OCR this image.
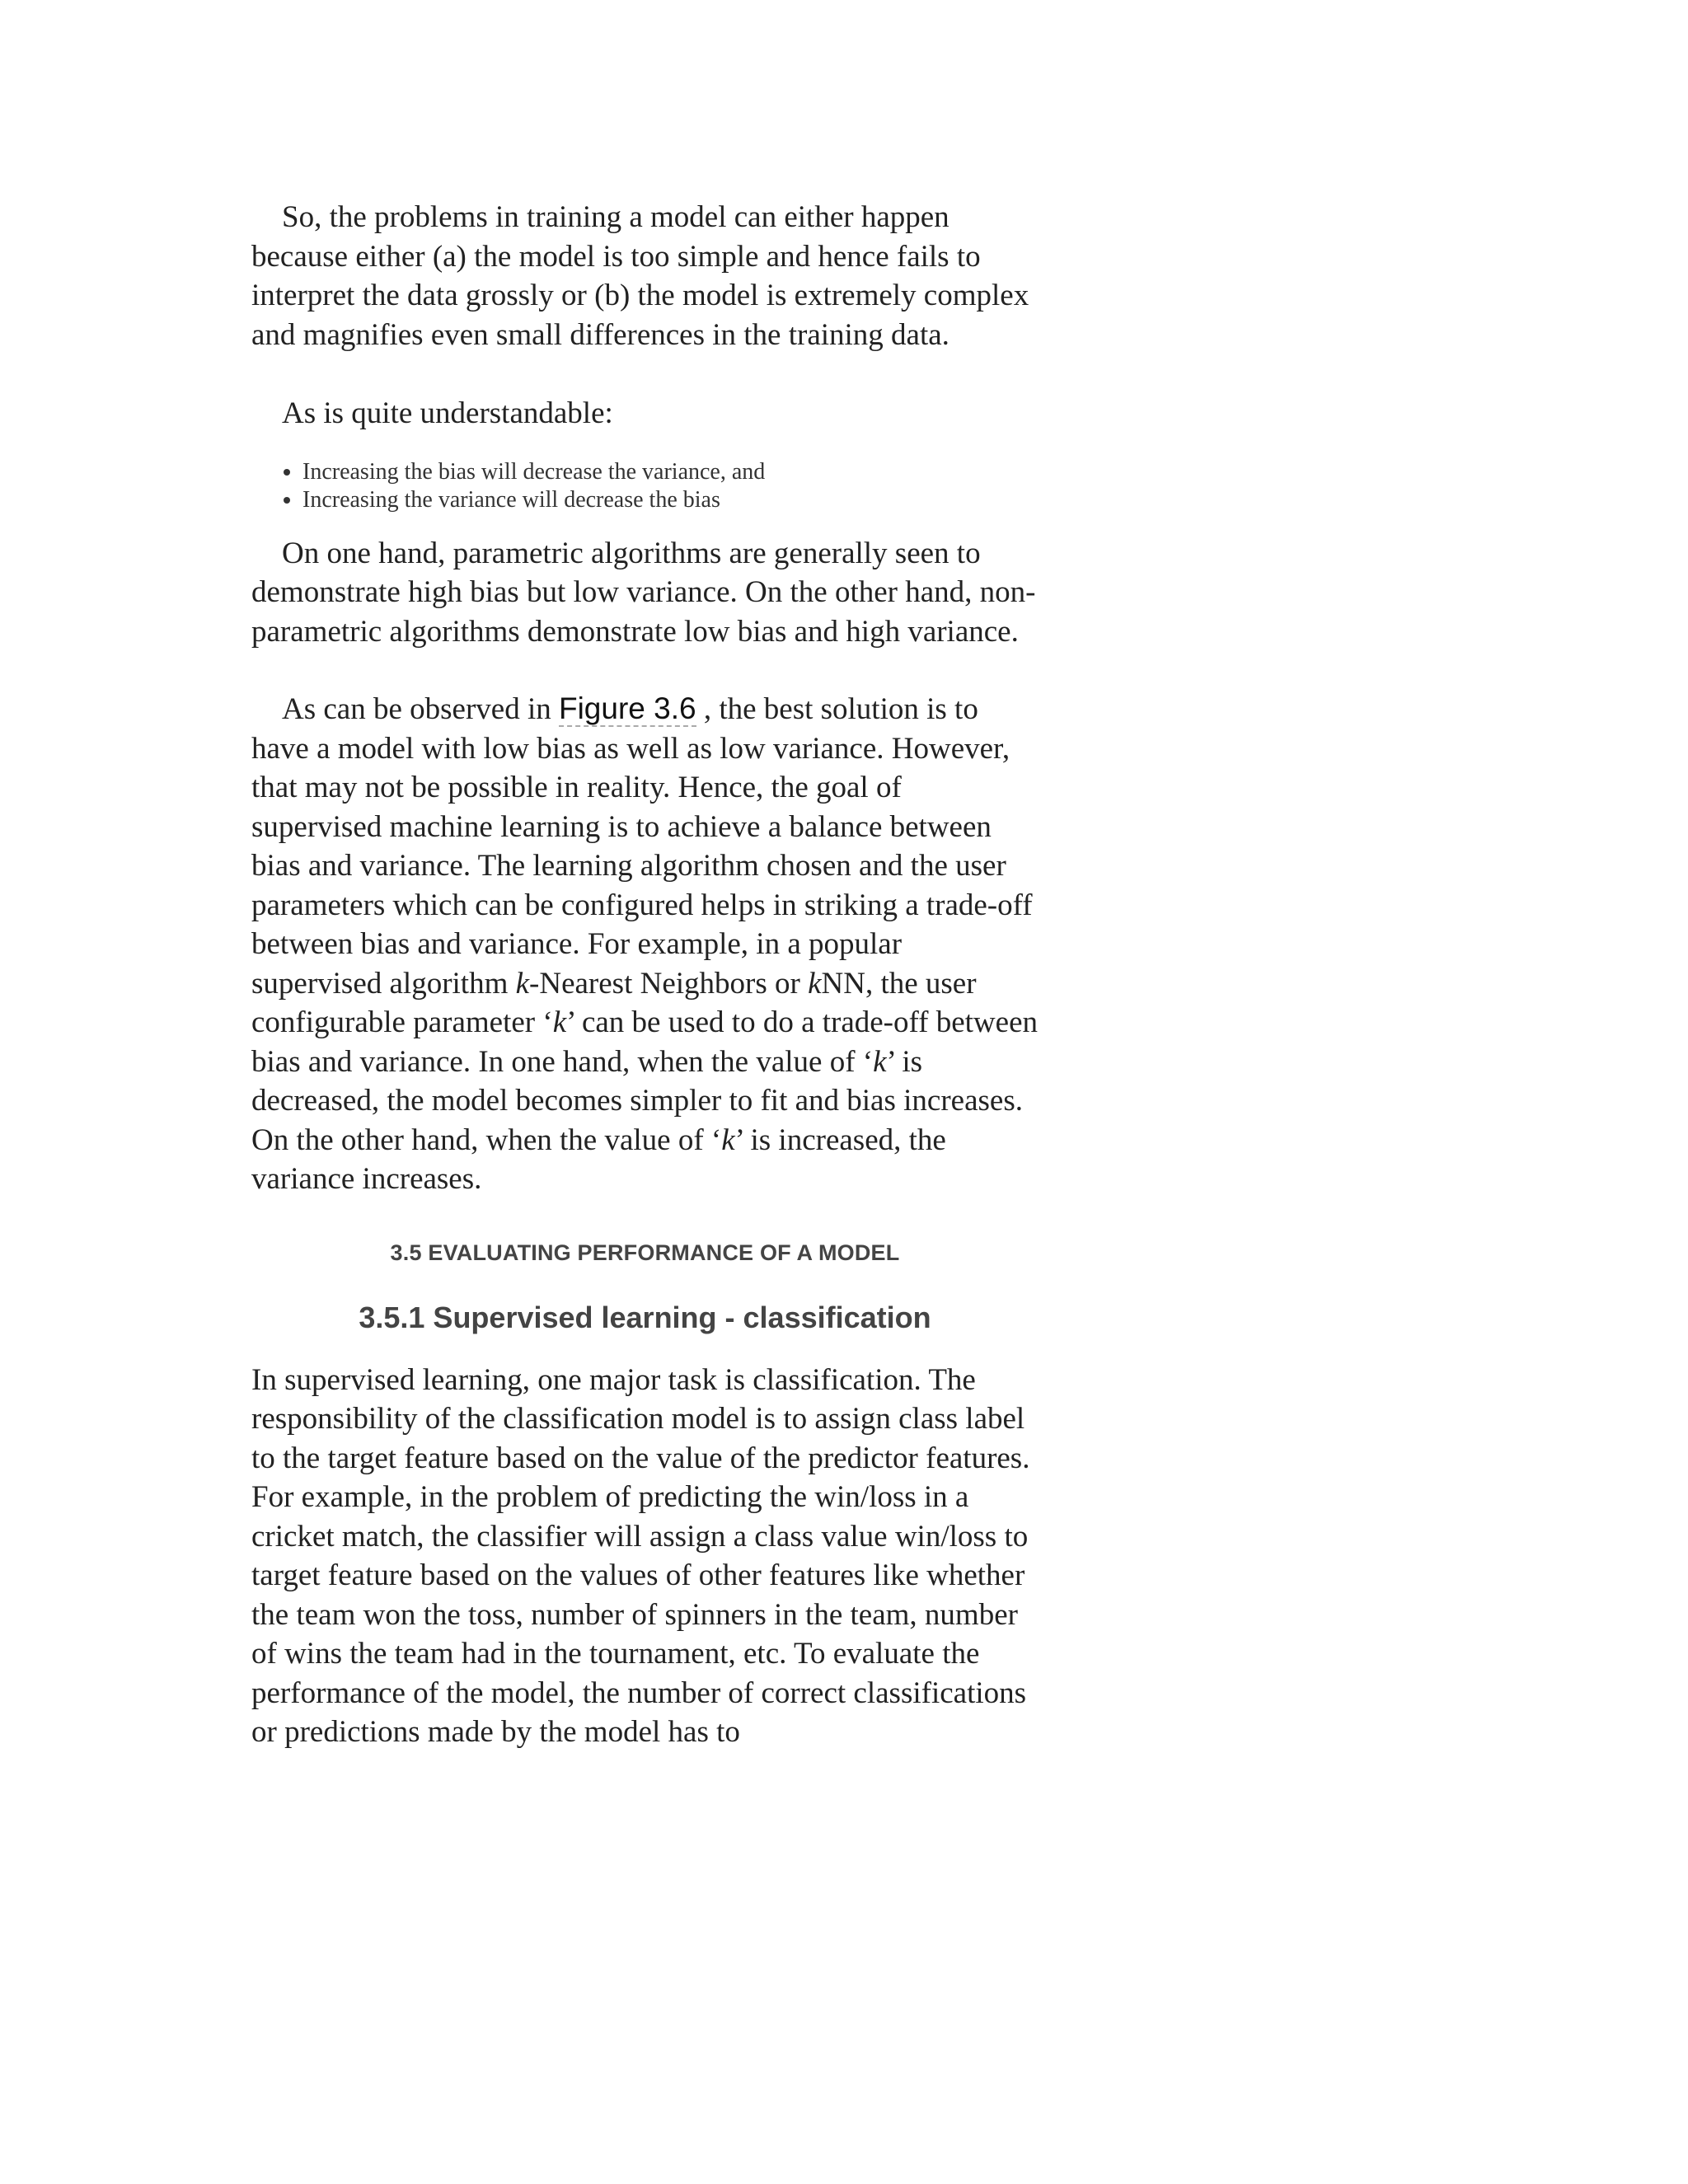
So, the problems in training a model can either happen because either (a) the model is too simple and hence fails to interpret the data grossly or (b) the model is extremely complex and magnifies even small differences in the training data.

As is quite understandable:

• Increasing the bias will decrease the variance, and
• Increasing the variance will decrease the bias

On one hand, parametric algorithms are generally seen to demonstrate high bias but low variance. On the other hand, non-parametric algorithms demonstrate low bias and high variance.

As can be observed in Figure 3.6 , the best solution is to have a model with low bias as well as low variance. However, that may not be possible in reality. Hence, the goal of supervised machine learning is to achieve a balance between bias and variance. The learning algorithm chosen and the user parameters which can be configured helps in striking a trade-off between bias and variance. For example, in a popular supervised algorithm k-Nearest Neighbors or kNN, the user configurable parameter ‘k’ can be used to do a trade-off between bias and variance. In one hand, when the value of ‘k’ is decreased, the model becomes simpler to fit and bias increases. On the other hand, when the value of ‘k’ is increased, the variance increases.

3.5 EVALUATING PERFORMANCE OF A MODEL
3.5.1 Supervised learning - classification

In supervised learning, one major task is classification. The responsibility of the classification model is to assign class label to the target feature based on the value of the predictor features. For example, in the problem of predicting the win/loss in a cricket match, the classifier will assign a class value win/loss to target feature based on the values of other features like whether the team won the toss, number of spinners in the team, number of wins the team had in the tournament, etc. To evaluate the performance of the model, the number of correct classifications or predictions made by the model has to
